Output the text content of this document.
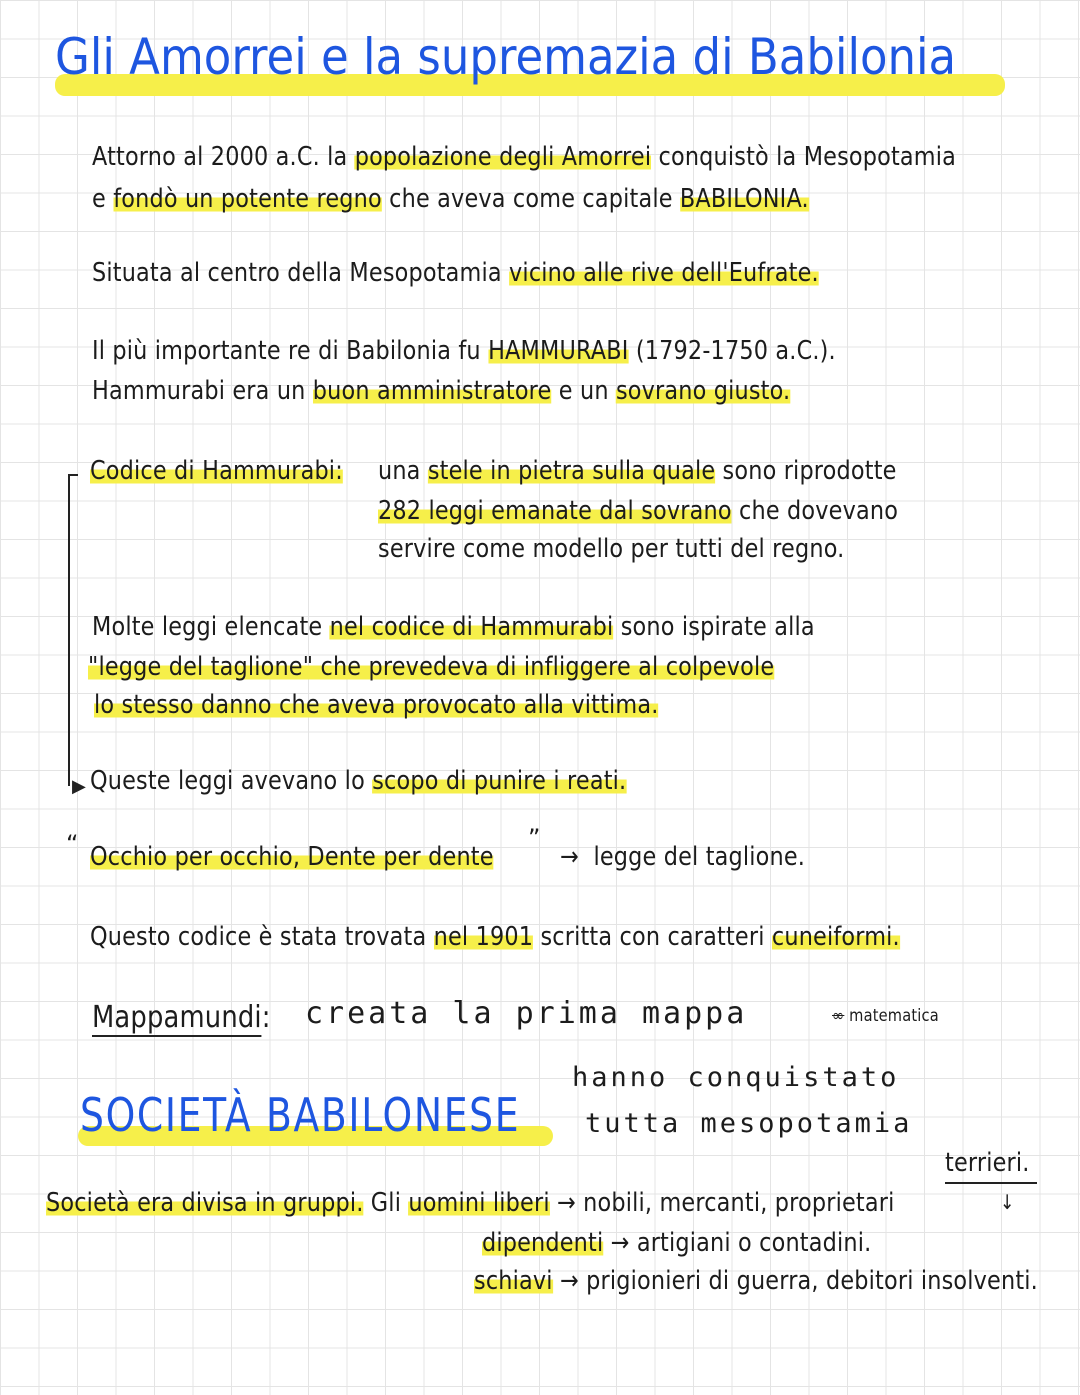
Gli Amorrei e la supremazia di Babilonia
Attorno al 2000 a.C. la popolazione degli Amorrei conquistò la Mesopotamia
e fondò un potente regno che aveva come capitale BABILONIA.
Situata al centro della Mesopotamia vicino alle rive dell'Eufrate.
Il più importante re di Babilonia fu HAMMURABI (1792-1750 a.C.).
Hammurabi era un buon amministratore e un sovrano giusto.
▶
Codice di Hammurabi: una stele in pietra sulla quale sono riprodotte
282 leggi emanate dal sovrano che dovevano
servire come modello per tutti del regno.
Molte leggi elencate nel codice di Hammurabi sono ispirate alla
"legge del taglione" che prevedeva di infliggere al colpevole
lo stesso danno che aveva provocato alla vittima.
Queste leggi avevano lo scopo di punire i reati.
“ Occhio per occhio, Dente per dente
”
→ legge del taglione.
Questo codice è stata trovata nel 1901 scritta con caratteri cuneiformi.
Mappamundi: creata la prima mappa	∞ matematica
hanno conquistato
tutta mesopotamia
SOCIETÀ BABILONESE
terrieri.
↓
Società era divisa in gruppi. Gli uomini liberi → nobili, mercanti, proprietari
dipendenti → artigiani o contadini.
schiavi → prigionieri di guerra, debitori insolventi.
